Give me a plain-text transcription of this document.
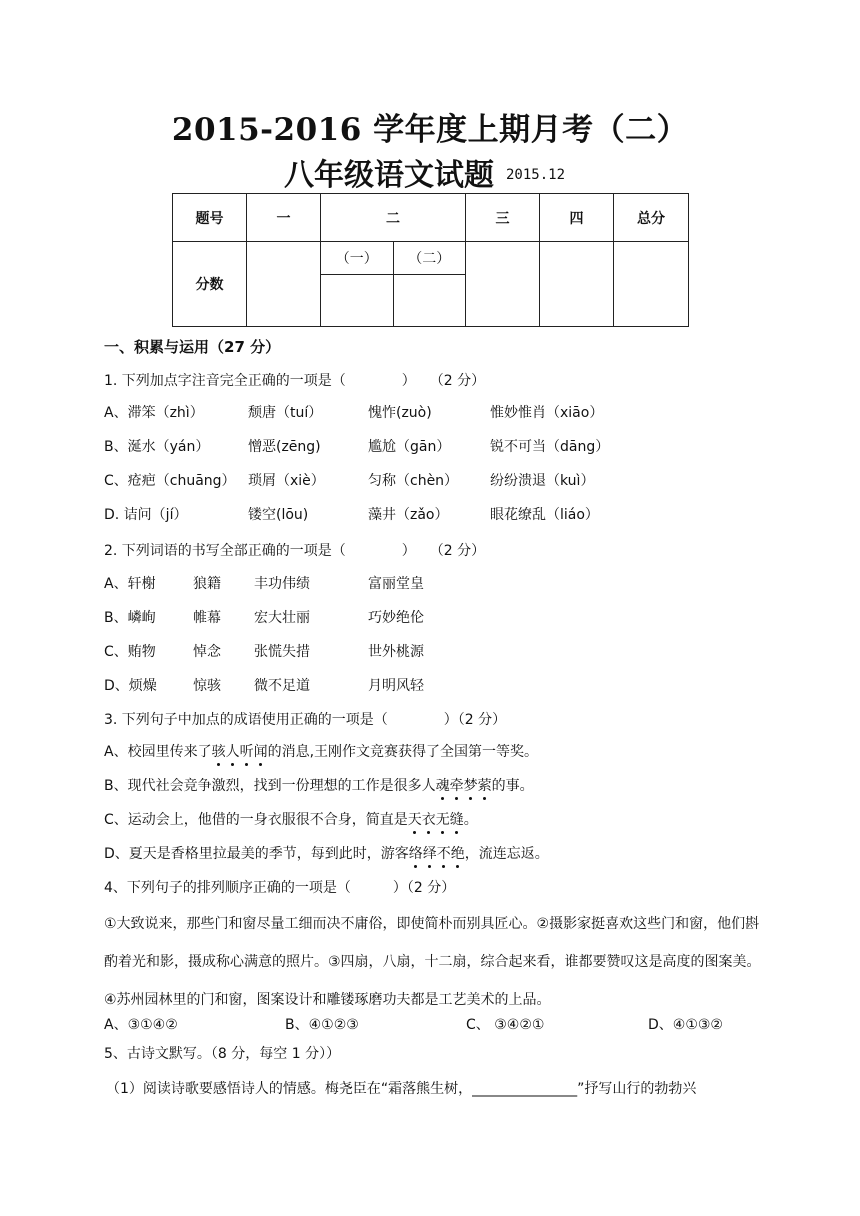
2015-2016 学年度上期月考（二）
八年级语文试题 2015.12
题号	一	二		三	四	总分
分数		（一）	（二）			

一、积累与运用（27 分）
1. 下列加点字注音完全正确的一项是（　　　　）　　（2 分）
A、滞笨（zhì）	颓唐（tuí）	愧怍(zuò)	惟妙惟肖（xiāo）
B、涎水（yán）	憎恶(zēng)	尴尬（gān）	锐不可当（dāng）
C、疮疤（chuāng） 琐屑（xiè）	匀称（chèn） 纷纷溃退（kuì）
D. 诘问（jí）	镂空(lōu)	藻井（zǎo）	眼花缭乱（liáo）
2. 下列词语的书写全部正确的一项是（　　　　）　　（2 分）
A、轩榭	狼籍 丰功伟绩	富丽堂皇
B、嶙峋	帷幕 宏大壮丽	巧妙绝伦
C、贿物	悼念 张慌失措	世外桃源
D、烦燥	惊骇 微不足道	月明风轻
3. 下列句子中加点的成语使用正确的一项是（　　　　）（2 分）
A、校园里传来了骇人听闻的消息,王刚作文竞赛获得了全国第一等奖。
B、现代社会竞争激烈，找到一份理想的工作是很多人魂牵梦萦的事。
C、运动会上，他借的一身衣服很不合身，简直是天衣无缝。
D、夏天是香格里拉最美的季节，每到此时，游客络绎不绝，流连忘返。
4、下列句子的排列顺序正确的一项是（　　　）（2 分）
①大致说来，那些门和窗尽量工细而决不庸俗，即使简朴而别具匠心。②摄影家挺喜欢这些门和窗，他们斟酌着光和影，摄成称心满意的照片。③四扇，八扇，十二扇，综合起来看，谁都要赞叹这是高度的图案美。④苏州园林里的门和窗，图案设计和雕镂琢磨功夫都是工艺美术的上品。
A、③①④②	B、④①②③	C、 ③④②①	D、④①③②
5、古诗文默写。（8 分，每空 1 分））
（1）阅读诗歌要感悟诗人的情感。梅尧臣在“霜落熊生树，_______________”抒写山行的勃勃兴
